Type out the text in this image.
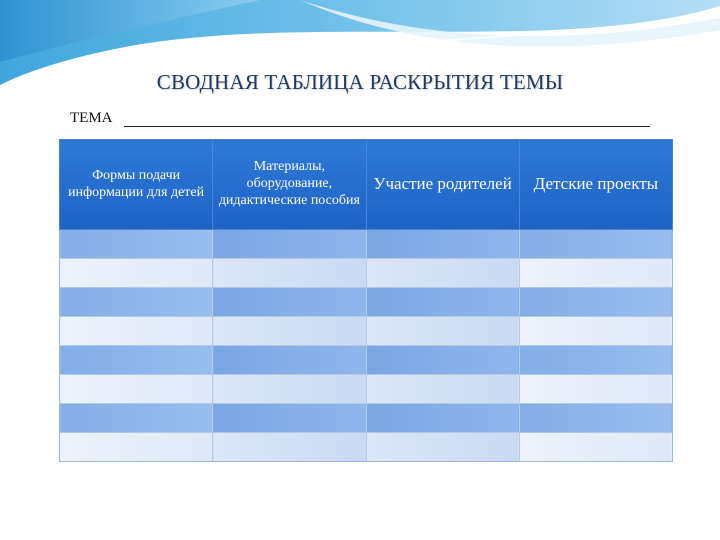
СВОДНАЯ ТАБЛИЦА РАСКРЫТИЯ ТЕМЫ
ТЕМА
Формы подачи информации для детей	Материалы, оборудование, дидактические пособия	Участие родителей	Детские проекты
